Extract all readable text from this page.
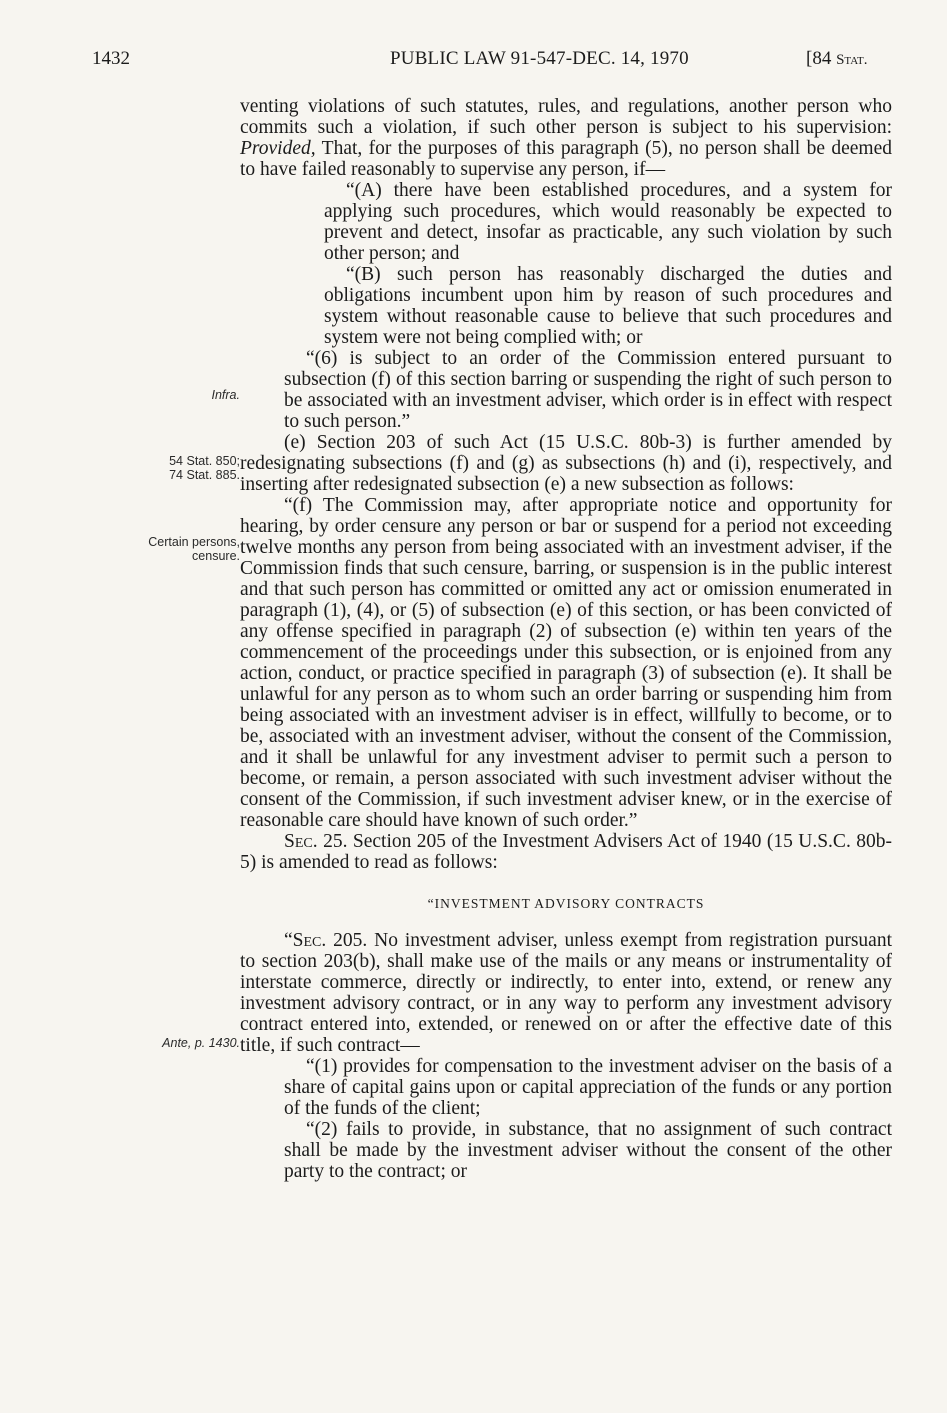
1432	PUBLIC LAW 91-547-DEC. 14, 1970	[84 Stat.
Infra.
54 Stat. 850;
74 Stat. 885.
Certain persons,
censure.
Ante, p. 1430.

venting violations of such statutes, rules, and regulations, another person who commits such a violation, if such other person is subject to his supervision: Provided, That, for the purposes of this paragraph (5), no person shall be deemed to have failed reasonably to supervise any person, if—

“(A) there have been established procedures, and a system for applying such procedures, which would reasonably be expected to prevent and detect, insofar as practicable, any such violation by such other person; and

“(B) such person has reasonably discharged the duties and obligations incumbent upon him by reason of such procedures and system without reasonable cause to believe that such procedures and system were not being complied with; or

“(6) is subject to an order of the Commission entered pursuant to subsection (f) of this section barring or suspending the right of such person to be associated with an investment adviser, which order is in effect with respect to such person.”

(e) Section 203 of such Act (15 U.S.C. 80b-3) is further amended by redesignating subsections (f) and (g) as subsections (h) and (i), respectively, and inserting after redesignated subsection (e) a new subsection as follows:

“(f) The Commission may, after appropriate notice and opportunity for hearing, by order censure any person or bar or suspend for a period not exceeding twelve months any person from being associated with an investment adviser, if the Commission finds that such censure, barring, or suspension is in the public interest and that such person has committed or omitted any act or omission enumerated in paragraph (1), (4), or (5) of subsection (e) of this section, or has been convicted of any offense specified in paragraph (2) of subsection (e) within ten years of the commencement of the proceedings under this subsection, or is enjoined from any action, conduct, or practice specified in paragraph (3) of subsection (e). It shall be unlawful for any person as to whom such an order barring or suspending him from being associated with an investment adviser is in effect, willfully to become, or to be, associated with an investment adviser, without the consent of the Commission, and it shall be unlawful for any investment adviser to permit such a person to become, or remain, a person associated with such investment adviser without the consent of the Commission, if such investment adviser knew, or in the exercise of reasonable care should have known of such order.”

Sec. 25. Section 205 of the Investment Advisers Act of 1940 (15 U.S.C. 80b-5) is amended to read as follows:

“INVESTMENT ADVISORY CONTRACTS

“Sec. 205. No investment adviser, unless exempt from registration pursuant to section 203(b), shall make use of the mails or any means or instrumentality of interstate commerce, directly or indirectly, to enter into, extend, or renew any investment advisory contract, or in any way to perform any investment advisory contract entered into, extended, or renewed on or after the effective date of this title, if such contract—

“(1) provides for compensation to the investment adviser on the basis of a share of capital gains upon or capital appreciation of the funds or any portion of the funds of the client;

“(2) fails to provide, in substance, that no assignment of such contract shall be made by the investment adviser without the consent of the other party to the contract; or
